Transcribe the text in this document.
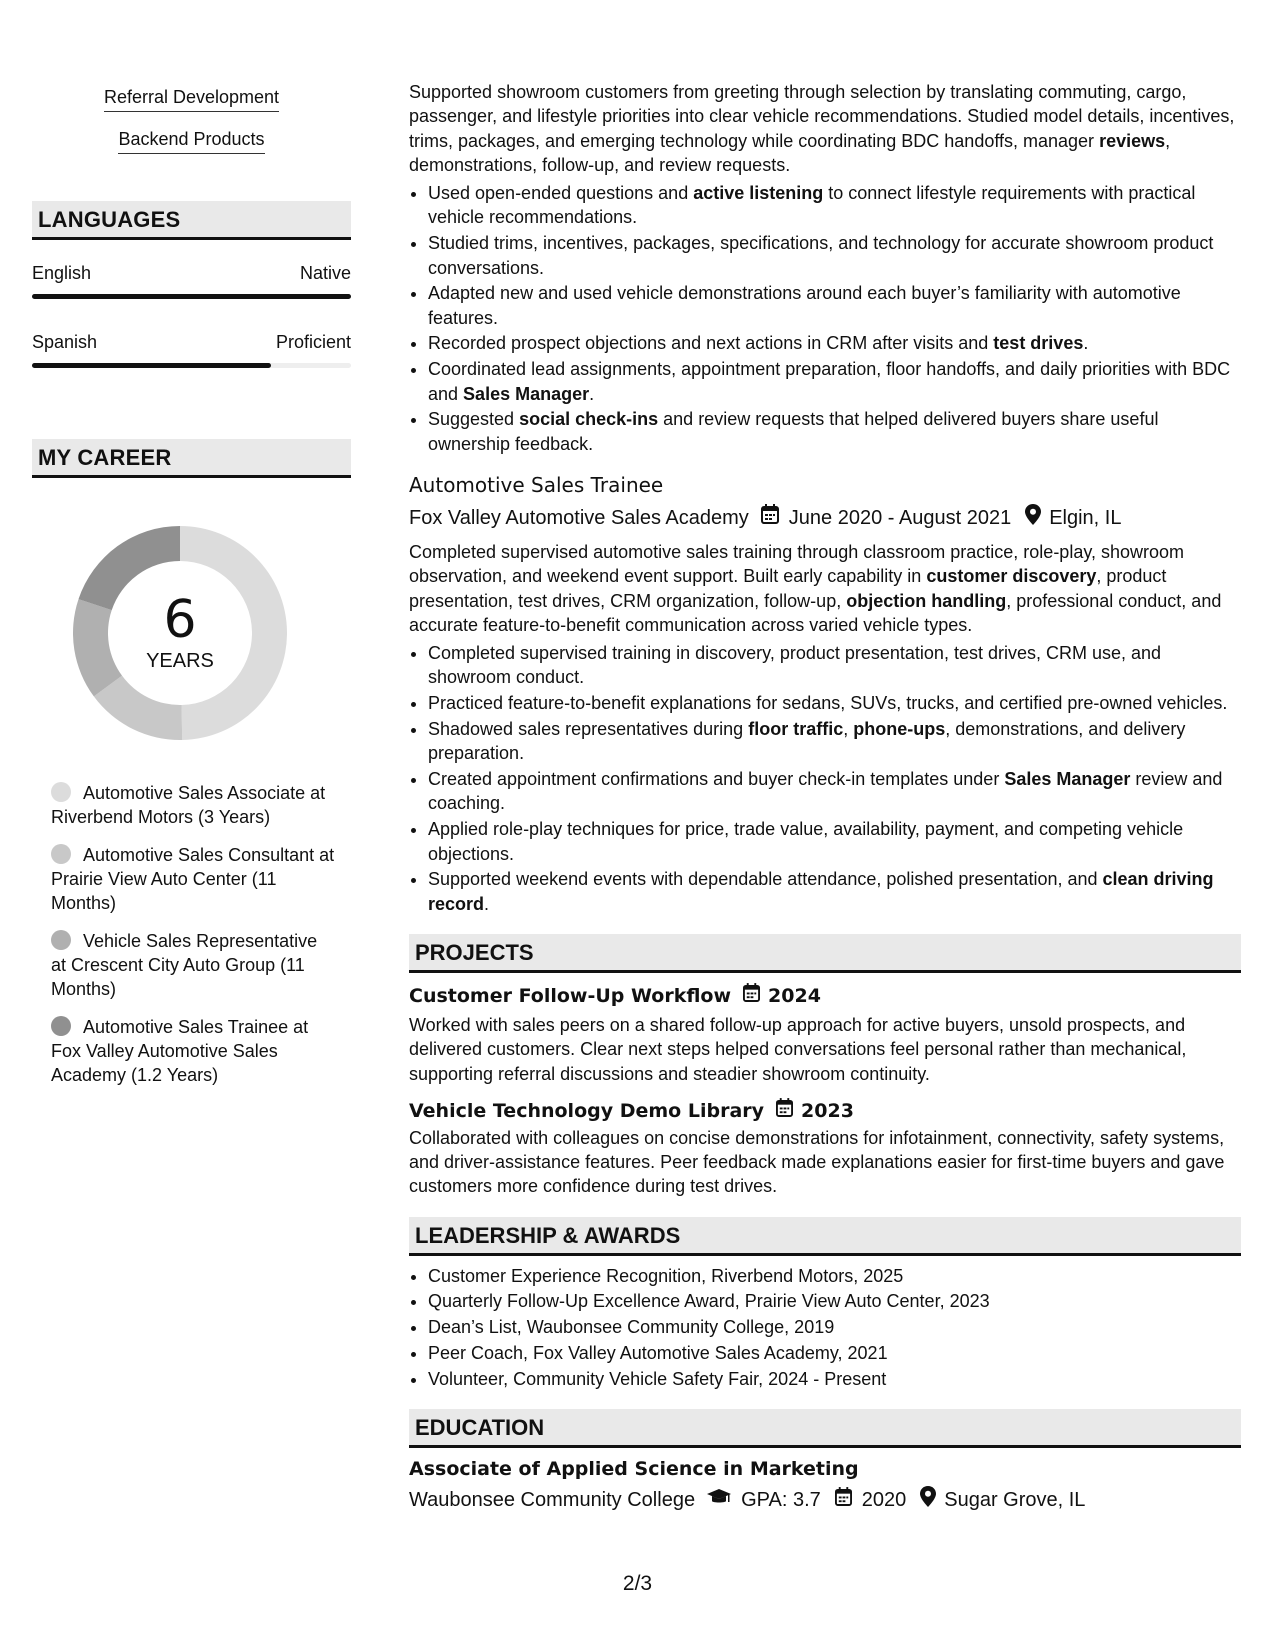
Referral Development
Backend Products
LANGUAGES
English	Native
Spanish	Proficient
MY CAREER
6
YEARS
Automotive Sales Associate at Riverbend Motors (3 Years)
Automotive Sales Consultant at Prairie View Auto Center (11 Months)
Vehicle Sales Representative at Crescent City Auto Group (11 Months)
Automotive Sales Trainee at Fox Valley Automotive Sales Academy (1.2 Years)

Supported showroom customers from greeting through selection by translating commuting, cargo, passenger, and lifestyle priorities into clear vehicle recommendations. Studied model details, incentives, trims, packages, and emerging technology while coordinating BDC handoffs, manager reviews, demonstrations, follow-up, and review requests.

• Used open-ended questions and active listening to connect lifestyle requirements with practical vehicle recommendations.
• Studied trims, incentives, packages, specifications, and technology for accurate showroom product conversations.
• Adapted new and used vehicle demonstrations around each buyer’s familiarity with automotive features.
• Recorded prospect objections and next actions in CRM after visits and test drives.
• Coordinated lead assignments, appointment preparation, floor handoffs, and daily priorities with BDC and Sales Manager.
• Suggested social check-ins and review requests that helped delivered buyers share useful ownership feedback.
Automotive Sales Trainee
Fox Valley Automotive Sales Academy June 2020 - August 2021 Elgin, IL

Completed supervised automotive sales training through classroom practice, role-play, showroom observation, and weekend event support. Built early capability in customer discovery, product presentation, test drives, CRM organization, follow-up, objection handling, professional conduct, and accurate feature-to-benefit communication across varied vehicle types.

• Completed supervised training in discovery, product presentation, test drives, CRM use, and showroom conduct.
• Practiced feature-to-benefit explanations for sedans, SUVs, trucks, and certified pre-owned vehicles.
• Shadowed sales representatives during floor traffic, phone-ups, demonstrations, and delivery preparation.
• Created appointment confirmations and buyer check-in templates under Sales Manager review and coaching.
• Applied role-play techniques for price, trade value, availability, payment, and competing vehicle objections.
• Supported weekend events with dependable attendance, polished presentation, and clean driving record.
PROJECTS
Customer Follow-Up Workflow 2024

Worked with sales peers on a shared follow-up approach for active buyers, unsold prospects, and delivered customers. Clear next steps helped conversations feel personal rather than mechanical, supporting referral discussions and steadier showroom continuity.

Vehicle Technology Demo Library 2023

Collaborated with colleagues on concise demonstrations for infotainment, connectivity, safety systems, and driver-assistance features. Peer feedback made explanations easier for first-time buyers and gave customers more confidence during test drives.

LEADERSHIP & AWARDS
• Customer Experience Recognition, Riverbend Motors, 2025
• Quarterly Follow-Up Excellence Award, Prairie View Auto Center, 2023
• Dean’s List, Waubonsee Community College, 2019
• Peer Coach, Fox Valley Automotive Sales Academy, 2021
• Volunteer, Community Vehicle Safety Fair, 2024 - Present
EDUCATION
Associate of Applied Science in Marketing
Waubonsee Community College GPA: 3.7 2020 Sugar Grove, IL
2/3
